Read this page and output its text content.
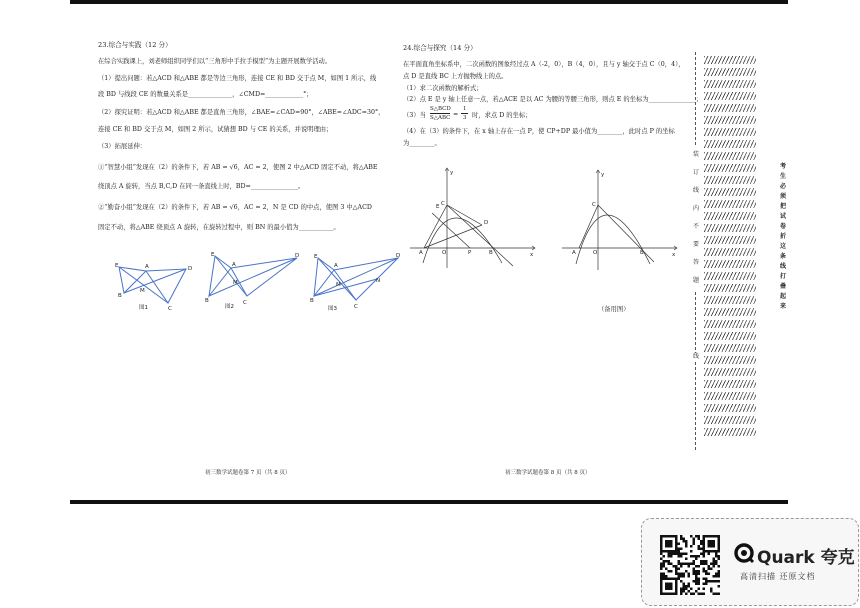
23.综合与实践（12 分）
在综合实践课上，刘老师组织同学们以“三角形中手拉手模型”为主题开展数学活动。
（1）提出问题：若△ACD 和△ABE 都是等边三角形，连接 CE 和 BD 交于点 M，如图 1 所示，线
段 BD 与线段 CE 的数量关系是______________，∠CMD=____________°；
（2）探究证明：若△ACD 和△ABE 都是直角三角形，∠BAE=∠CAD=90°，∠ABE=∠ADC=30°，
连接 CE 和 BD 交于点 M，如图 2 所示，试猜想 BD 与 CE 的关系，并说明理由；
（3）拓展延伸：
①“智慧小组”发现在（2）的条件下，若 AB = √6，AC = 2，使图 2 中△ACD 固定不动，将△ABE
绕顶点 A 旋转，当点 B,C,D 在同一条直线上时，BD=_______________。
②“勤奋小组”发现在（2）的条件下，若 AB = √6，AC = 2，N 是 CD 的中点，使图 3 中△ACD
固定不动，将△ABE 绕顶点 A 旋转，在旋转过程中，则 BN 的最小值为___________。
E	A	D
B
M
C
图1
E
A
D
B
M
C
图2
E
A
D
B
M
N
C
图3
24.综合与探究（14 分）
在平面直角坐标系中，二次函数的图象经过点 A（-2，0），B（4，0），且与 y 轴交于点 C（0，4），
点 D 是直线 BC 上方抛物线上的点。
（1）求二次函数的解析式；
（2）点 E 是 y 轴上任意一点，若△ACE 是以 AC 为腰的等腰三角形，则点 E 的坐标为_______________；
（3）当
S△BCD
S△ABC =
1
3 时，求点 D 的坐标；
（4）在（3）的条件下，在 x 轴上存在一点 P，使 CP+DP 最小值为________，此时点 P 的坐标
为________。
A	O	P	B	x
y
C
D
E
A	O	B	x
y
C
（备用图）
装订线内不要答题
线
考生必须把试卷折这条线打叠起来
初三数学试题卷第 7 页（共 8 页）	初三数学试题卷第 8 页（共 8 页）
Quark 夸克
高清扫描 还原文档
